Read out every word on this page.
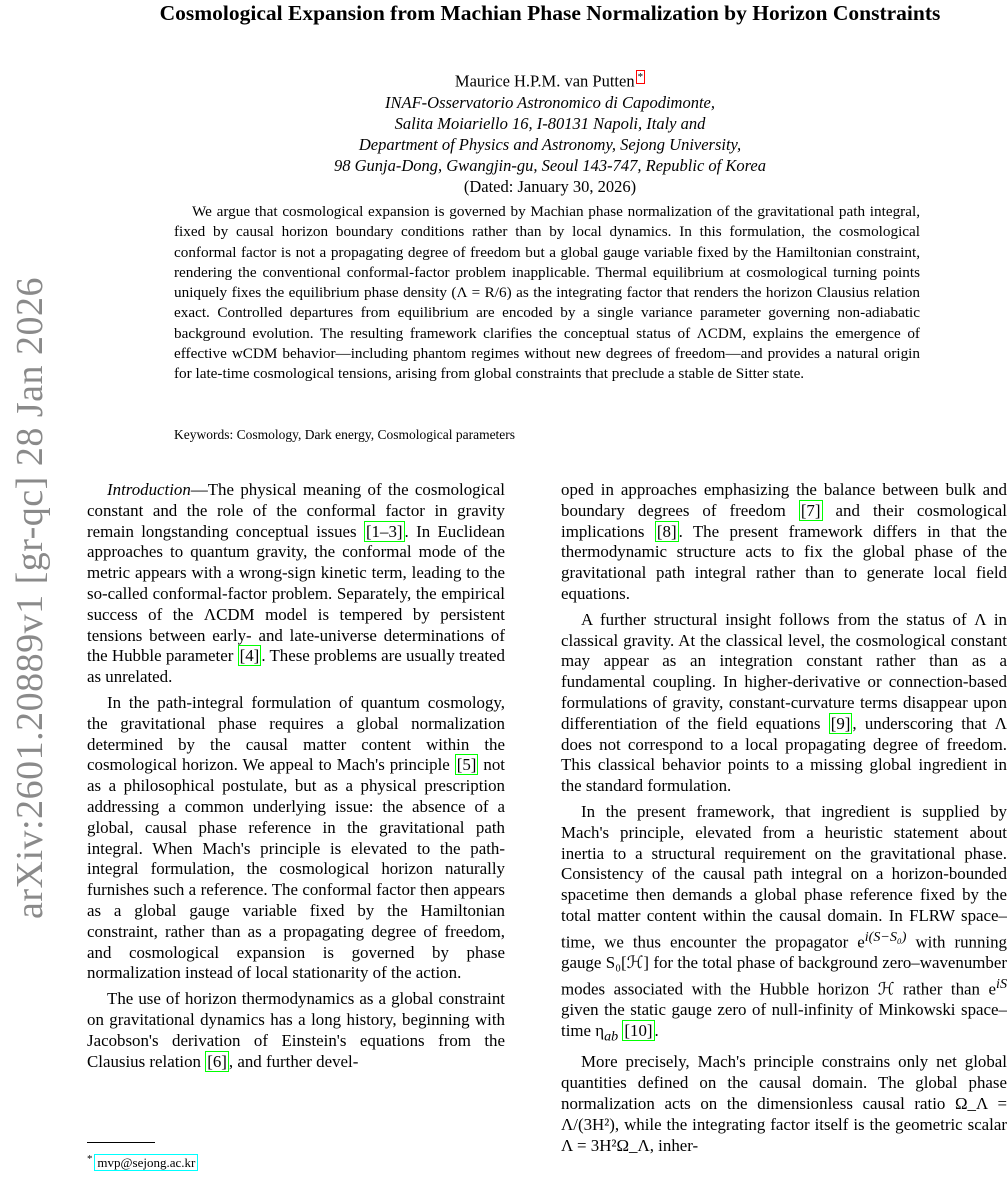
arXiv:2601.20889v1 [gr-qc] 28 Jan 2026
Cosmological Expansion from Machian Phase Normalization by Horizon Constraints
Maurice H.P.M. van Putten *
INAF-Osservatorio Astronomico di Capodimonte,
Salita Moiariello 16, I-80131 Napoli, Italy and
Department of Physics and Astronomy, Sejong University,
98 Gunja-Dong, Gwangjin-gu, Seoul 143-747, Republic of Korea
(Dated: January 30, 2026)
We argue that cosmological expansion is governed by Machian phase normalization of the gravitational path integral, fixed by causal horizon boundary conditions rather than by local dynamics. In this formulation, the cosmological conformal factor is not a propagating degree of freedom but a global gauge variable fixed by the Hamiltonian constraint, rendering the conventional conformal-factor problem inapplicable. Thermal equilibrium at cosmological turning points uniquely fixes the equilibrium phase density (Λ = R/6) as the integrating factor that renders the horizon Clausius relation exact. Controlled departures from equilibrium are encoded by a single variance parameter governing non-adiabatic background evolution. The resulting framework clarifies the conceptual status of ΛCDM, explains the emergence of effective wCDM behavior—including phantom regimes without new degrees of freedom—and provides a natural origin for late-time cosmological tensions, arising from global constraints that preclude a stable de Sitter state.
Keywords: Cosmology, Dark energy, Cosmological parameters

Introduction—The physical meaning of the cosmological constant and the role of the conformal factor in gravity remain longstanding conceptual issues [1–3] . In Euclidean approaches to quantum gravity, the conformal mode of the metric appears with a wrong-sign kinetic term, leading to the so-called conformal-factor problem. Separately, the empirical success of the ΛCDM model is tempered by persistent tensions between early- and late-universe determinations of the Hubble parameter [4] . These problems are usually treated as unrelated.

In the path-integral formulation of quantum cosmology, the gravitational phase requires a global normalization determined by the causal matter content within the cosmological horizon. We appeal to Mach's principle [5] not as a philosophical postulate, but as a physical prescription addressing a common underlying issue: the absence of a global, causal phase reference in the gravitational path integral. When Mach's principle is elevated to the path-integral formulation, the cosmological horizon naturally furnishes such a reference. The conformal factor then appears as a global gauge variable fixed by the Hamiltonian constraint, rather than as a propagating degree of freedom, and cosmological expansion is governed by phase normalization instead of local stationarity of the action.

The use of horizon thermodynamics as a global constraint on gravitational dynamics has a long history, beginning with Jacobson's derivation of Einstein's equations from the Clausius relation [6] , and further devel-

oped in approaches emphasizing the balance between bulk and boundary degrees of freedom [7] and their cosmological implications [8] . The present framework differs in that the thermodynamic structure acts to fix the global phase of the gravitational path integral rather than to generate local field equations.

A further structural insight follows from the status of Λ in classical gravity. At the classical level, the cosmological constant may appear as an integration constant rather than as a fundamental coupling. In higher-derivative or connection-based formulations of gravity, constant-curvature terms disappear upon differentiation of the field equations [9] , underscoring that Λ does not correspond to a local propagating degree of freedom. This classical behavior points to a missing global ingredient in the standard formulation.

In the present framework, that ingredient is supplied by Mach's principle, elevated from a heuristic statement about inertia to a structural requirement on the gravitational phase. Consistency of the causal path integral on a horizon-bounded spacetime then demands a global phase reference fixed by the total matter content within the causal domain. In FLRW space–time, we thus encounter the propagator $e^{i(S-S_0)}$ with running gauge S₀[ℋ] for the total phase of background zero–wavenumber modes associated with the Hubble horizon ℋ rather than $e^{iS}$ given the static gauge zero of null-infinity of Minkowski space–time $\eta_{ab}$ [10] .

More precisely, Mach's principle constrains only net global quantities defined on the causal domain. The global phase normalization acts on the dimensionless causal ratio Ω_Λ = Λ/(3H²), while the integrating factor itself is the geometric scalar Λ = 3H²Ω_Λ, inher-

* mvp@sejong.ac.kr
